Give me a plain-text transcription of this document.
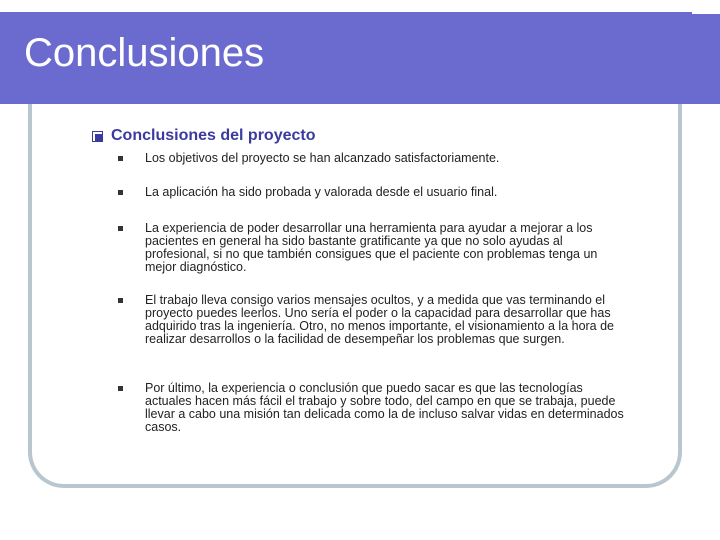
Conclusiones
Conclusiones del proyecto
Los objetivos del proyecto se han alcanzado satisfactoriamente.
La aplicación ha sido probada y valorada desde el usuario final.
La experiencia de poder desarrollar una herramienta para ayudar a mejorar a los pacientes en general ha sido bastante gratificante ya que no solo ayudas al profesional, si no que también consigues que el paciente con problemas tenga un mejor diagnóstico.
El trabajo lleva consigo varios mensajes ocultos, y a medida que vas terminando el proyecto puedes leerlos. Uno sería el poder o la capacidad para desarrollar que has adquirido tras la ingeniería. Otro, no menos importante, el visionamiento a la hora de realizar desarrollos o la facilidad de desempeñar los problemas que surgen.
Por último, la experiencia o conclusión que puedo sacar es que las tecnologías actuales hacen más fácil el trabajo y sobre todo, del campo en que se trabaja, puede llevar a cabo una misión tan delicada como la de incluso salvar vidas en determinados casos.
